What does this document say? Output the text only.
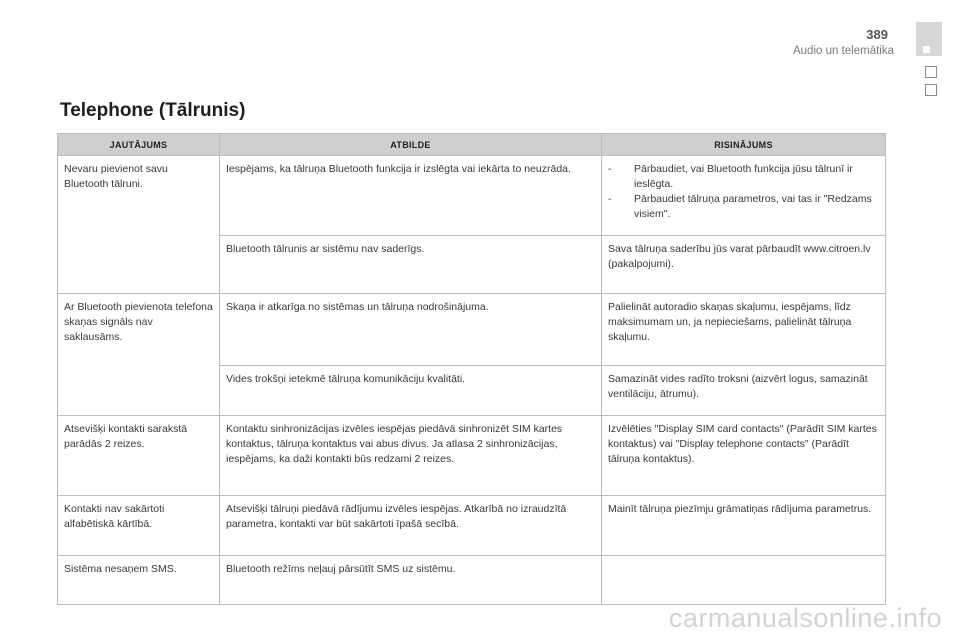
389
Audio un telemātika
Telephone (Tālrunis)
JAUTĀJUMS	ATBILDE	RISINĀJUMS
Nevaru pievienot savu Bluetooth tālruni.	Iespējams, ka tālruņa Bluetooth funkcija ir izslēgta vai iekārta to neuzrāda.	- Pārbaudiet, vai Bluetooth funkcija jūsu tālrunī ir ieslēgta.
- Pārbaudiet tālruņa parametros, vai tas ir "Redzams visiem".

	Bluetooth tālrunis ar sistēmu nav saderīgs.	Sava tālruņa saderību jūs varat pārbaudīt www.citroen.lv (pakalpojumi).
Ar Bluetooth pievienota telefona skaņas signāls nav saklausāms.	Skaņa ir atkarīga no sistēmas un tālruņa nodrošinājuma.	Palielināt autoradio skaņas skaļumu, iespējams, līdz maksimumam un, ja nepieciešams, palielināt tālruņa skaļumu.
	Vides trokšņi ietekmē tālruņa komunikāciju kvalitāti.	Samazināt vides radīto troksni (aizvērt logus, samazināt ventilāciju, ātrumu).
Atsevišķi kontakti sarakstā parādās 2 reizes.	Kontaktu sinhronizācijas izvēles iespējas piedāvā sinhronizēt SIM kartes kontaktus, tālruņa kontaktus vai abus divus. Ja atlasa 2 sinhronizācijas, iespējams, ka daži kontakti būs redzami 2 reizes.	Izvēlēties "Display SIM card contacts" (Parādīt SIM kartes kontaktus) vai "Display telephone contacts" (Parādīt tālruņa kontaktus).
Kontakti nav sakārtoti alfabētiskā kārtībā.	Atsevišķi tālruņi piedāvā rādījumu izvēles iespējas. Atkarībā no izraudzītā parametra, kontakti var būt sakārtoti īpašā secībā.	Mainīt tālruņa piezīmju grāmatiņas rādījuma parametrus.
Sistēma nesaņem SMS.	Bluetooth režīms neļauj pārsūtīt SMS uz sistēmu.	
carmanualsonline.info
